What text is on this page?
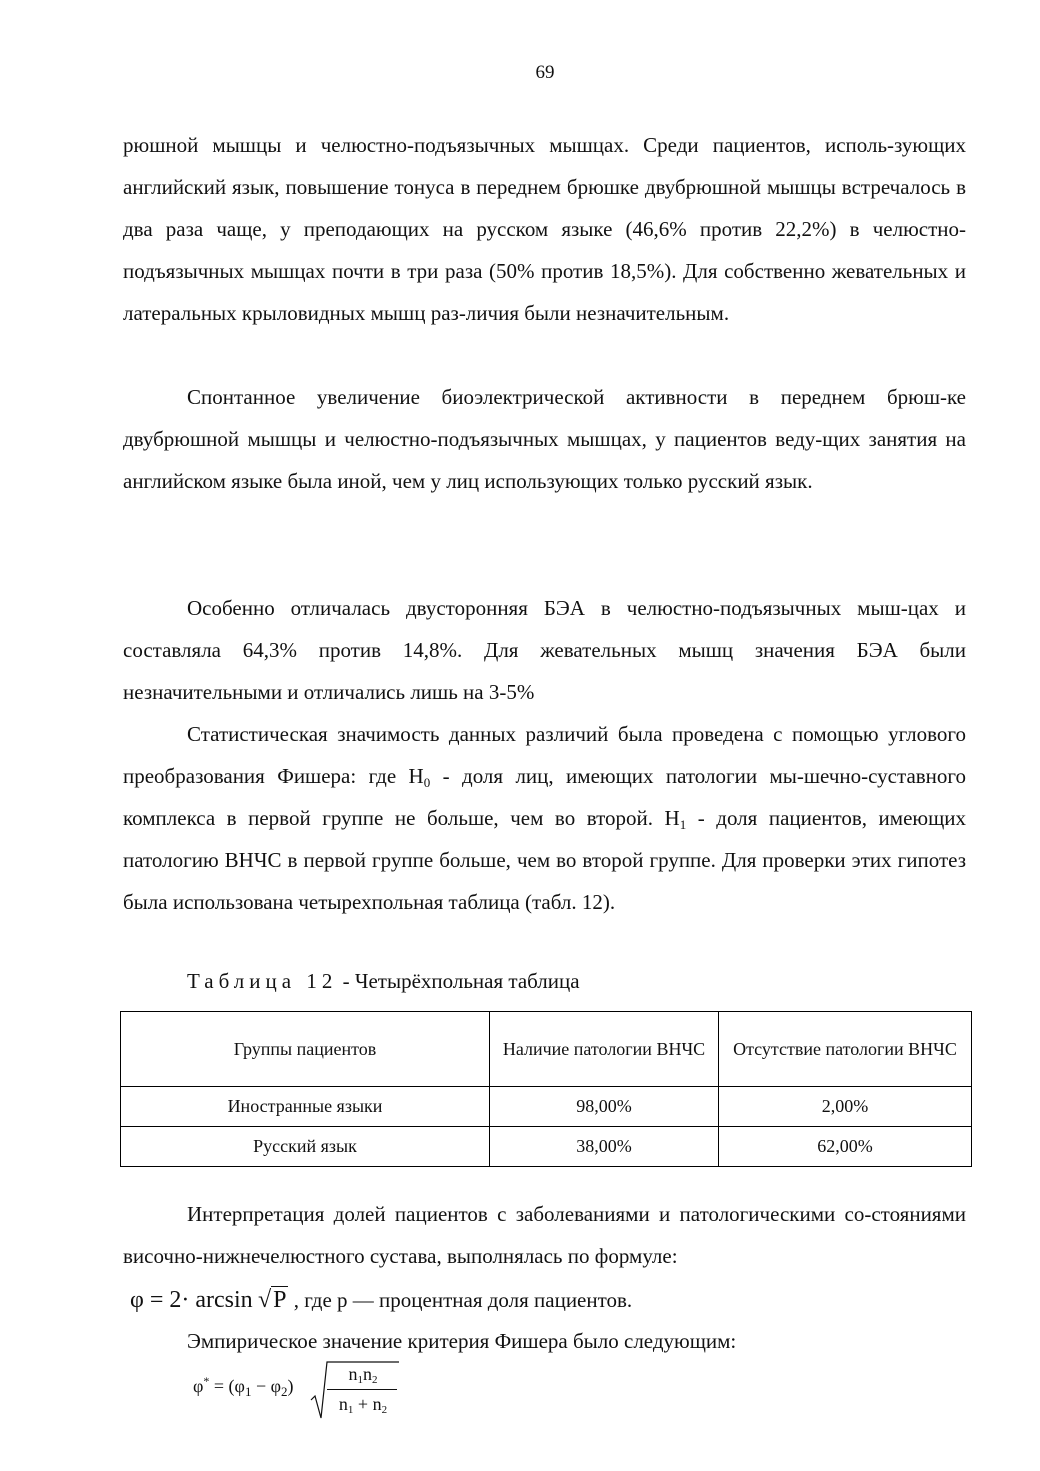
69

рюшной мышцы и челюстно-подъязычных мышцах. Среди пациентов, исполь-зующих английский язык, повышение тонуса в переднем брюшке двубрюшной мышцы встречалось в два раза чаще, у преподающих на русском языке (46,6% против 22,2%) в челюстно-подъязычных мышцах почти в три раза (50% против 18,5%). Для собственно жевательных и латеральных крыловидных мышц раз-личия были незначительным.

Спонтанное увеличение биоэлектрической активности в переднем брюш-ке двубрюшной мышцы и челюстно-подъязычных мышцах, у пациентов веду-щих занятия на английском языке была иной, чем у лиц использующих только русский язык.

Особенно отличалась двусторонняя БЭА в челюстно-подъязычных мыш-цах и составляла 64,3% против 14,8%. Для жевательных мышц значения БЭА были незначительными и отличались лишь на 3-5%

Статистическая значимость данных различий была проведена с помощью углового преобразования Фишера: где $H_0$ - доля лиц, имеющих патологии мы-шечно-суставного комплекса в первой группе не больше, чем во второй. $H_1$ - доля пациентов, имеющих патологию ВНЧС в первой группе больше, чем во второй группе. Для проверки этих гипотез была использована четырехпольная таблица (табл. 12).

Таблица 12 - Четырёхпольная таблица
Группы пациентов	Наличие патологии ВНЧС	Отсутствие патологии ВНЧС
Иностранные языки	98,00%	2,00%
Русский язык	38,00%	62,00%

Интерпретация долей пациентов с заболеваниями и патологическими со-стояниями височно-нижнечелюстного сустава, выполнялась по формуле:

φ = 2· arcsin √P , где p — процентная доля пациентов.

Эмпирическое значение критерия Фишера было следующим:

$\varphi^* = (\varphi_1 - \varphi_2)$
$n_1n_2$
$n_1 + n_2$
